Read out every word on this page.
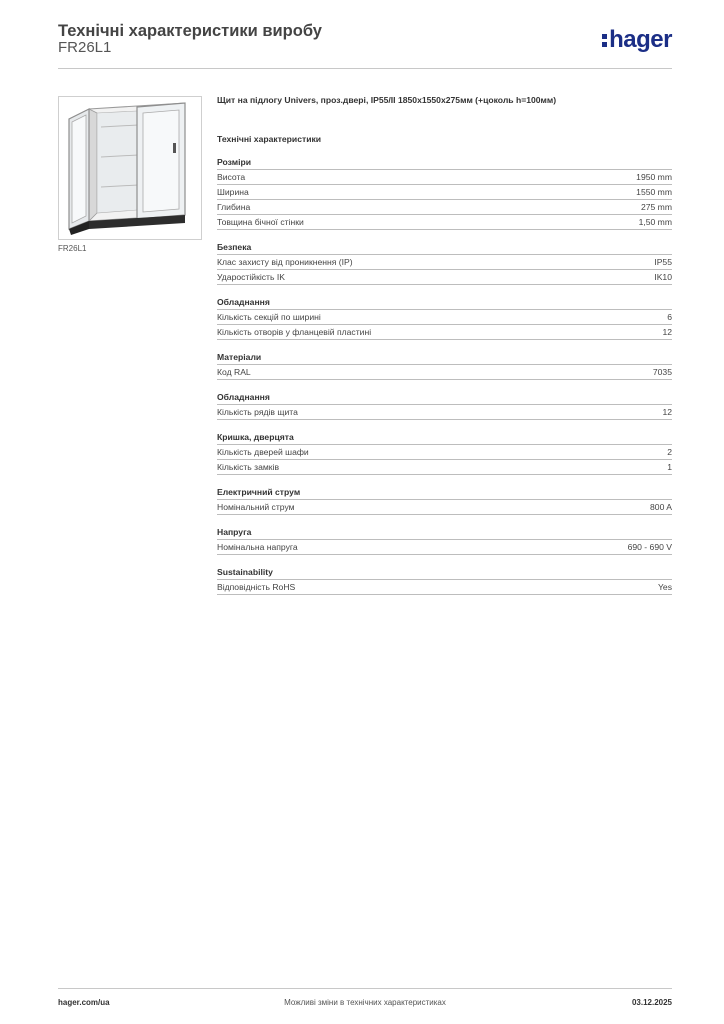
Технічні характеристики виробу
FR26L1	hager
FR26L1
Щит на підлогу Univers, проз.двері, IP55/II 1850x1550x275мм (+цоколь h=100мм)
Технічні характеристики
Розміри
Висота	1950 mm
Ширина	1550 mm
Глибина	275 mm
Товщина бічної стінки	1,50 mm
Безпека
Клас захисту від проникнення (IP)	IP55
Ударостійкість IK	IK10
Обладнання
Кількість секцій по ширині	6
Кількість отворів у фланцевій пластині	12
Матеріали
Код RAL	7035
Обладнання
Кількість рядів щита	12
Кришка, дверцята
Кількість дверей шафи	2
Кількість замків	1
Електричний струм
Номінальний струм	800 A
Напруга
Номінальна напруга	690 - 690 V
Sustainability
Відповідність RoHS	Yes
hager.com/ua	Можливі зміни в технічних характеристиках	03.12.2025
